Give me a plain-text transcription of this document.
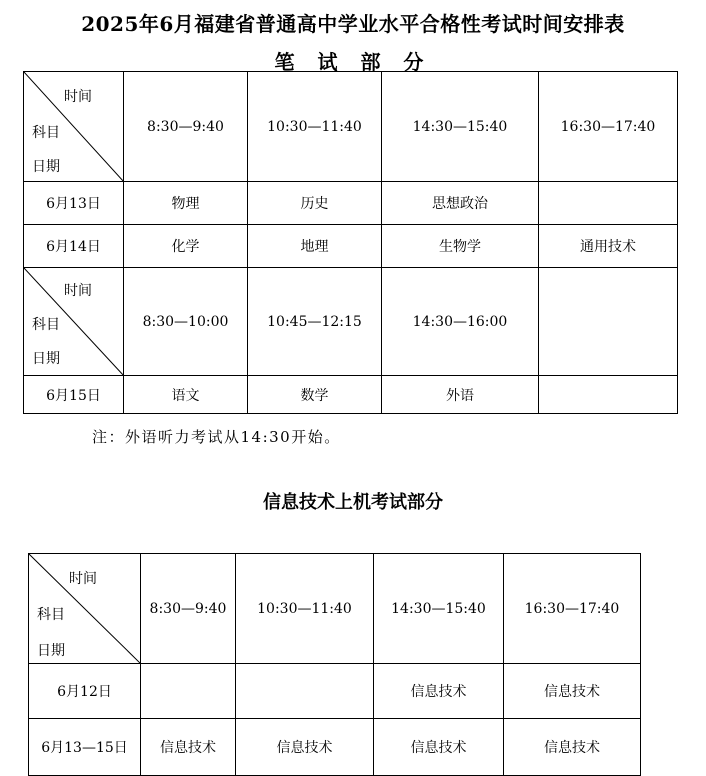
2025年6月福建省普通高中学业水平合格性考试时间安排表
笔 试 部 分
时间
科目
日期	8:30—9:40	10:30—11:40	14:30—15:40	16:30—17:40
6月13日	物理	历史	思想政治	
6月14日	化学	地理	生物学	通用技术

时间
科目
日期	8:30—10:00	10:45—12:15	14:30—16:00	
6月15日	语文	数学	外语	
注：外语听力考试从14:30开始。
信息技术上机考试部分
时间
科目
日期	8:30—9:40	10:30—11:40	14:30—15:40	16:30—17:40
6月12日			信息技术	信息技术
6月13—15日	信息技术	信息技术	信息技术	信息技术
